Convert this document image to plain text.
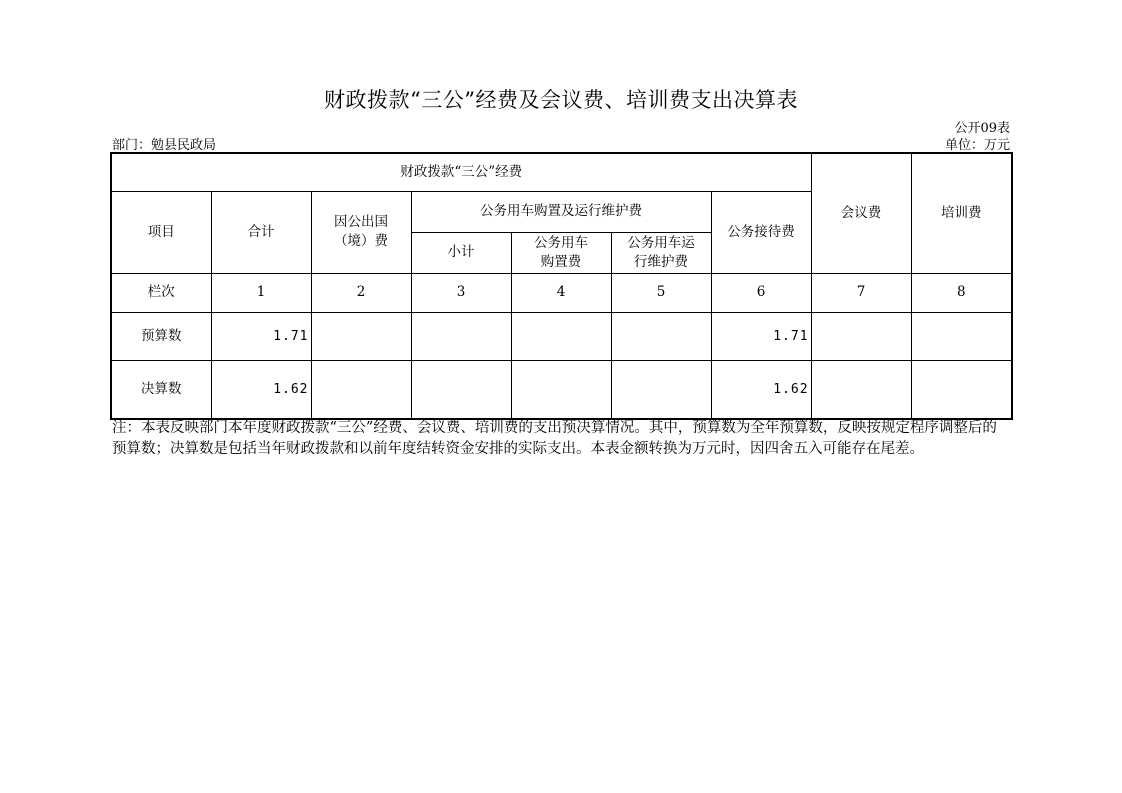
财政拨款“三公”经费及会议费、培训费支出决算表
公开09表
部门：勉县民政局	单位：万元
财政拨款“三公”经费							会议费	培训费
项目	合计	因公出国（境）费	公务用车购置及运行维护费			公务接待费		
			小计	公务用车购置费	公务用车运行维护费			
栏次	1	2	3	4	5	6	7	8
预算数	1.71					1.71		
决算数	1.62					1.62		
注：本表反映部门本年度财政拨款“三公”经费、会议费、培训费的支出预决算情况。其中，预算数为全年预算数，反映按规定程序调整后的预算数；决算数是包括当年财政拨款和以前年度结转资金安排的实际支出。本表金额转换为万元时，因四舍五入可能存在尾差。
